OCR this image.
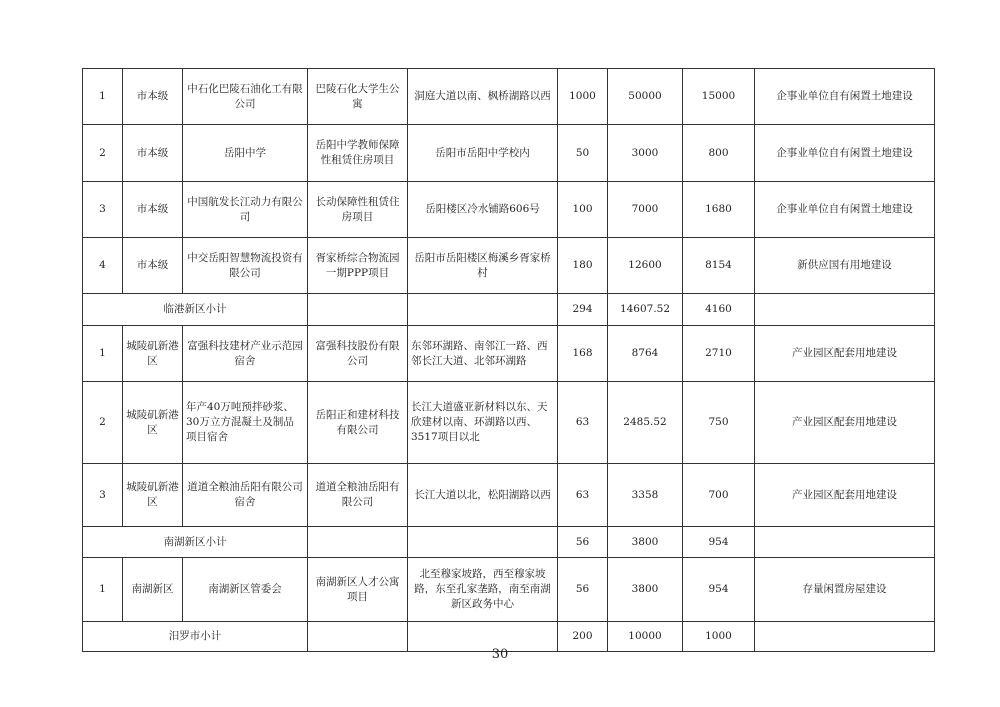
1	市本级	中石化巴陵石油化工有限公司	巴陵石化大学生公寓	洞庭大道以南、枫桥湖路以西	1000	50000	15000	企事业单位自有闲置土地建设
2	市本级	岳阳中学	岳阳中学教师保障性租赁住房项目	岳阳市岳阳中学校内	50	3000	800	企事业单位自有闲置土地建设
3	市本级	中国航发长江动力有限公司	长动保障性租赁住房项目	岳阳楼区冷水铺路606号	100	7000	1680	企事业单位自有闲置土地建设
4	市本级	中交岳阳智慧物流投资有限公司	胥家桥综合物流园一期PPP项目	岳阳市岳阳楼区梅溪乡胥家桥村	180	12600	8154	新供应国有用地建设
临港新区小计					294	14607.52	4160	
1	城陵矶新港区	富强科技建材产业示范园宿舍	富强科技股份有限公司	东邻环湖路、南邻江一路、西邻长江大道、北邻环湖路	168	8764	2710	产业园区配套用地建设
2	城陵矶新港区	年产40万吨预拌砂浆、30万立方混凝土及制品项目宿舍	岳阳正和建材科技有限公司	长江大道盛亚新材料以东、天欣建材以南、环湖路以西、3517项目以北	63	2485.52	750	产业园区配套用地建设
3	城陵矶新港区	道道全粮油岳阳有限公司宿舍	道道全粮油岳阳有限公司	长江大道以北，松阳湖路以西	63	3358	700	产业园区配套用地建设
南湖新区小计					56	3800	954	
1	南湖新区	南湖新区管委会	南湖新区人才公寓项目	北至穆家坡路，西至穆家坡路，东至孔家垄路，南至南湖新区政务中心	56	3800	954	存量闲置房屋建设
汨罗市小计					200	10000	1000	
30
